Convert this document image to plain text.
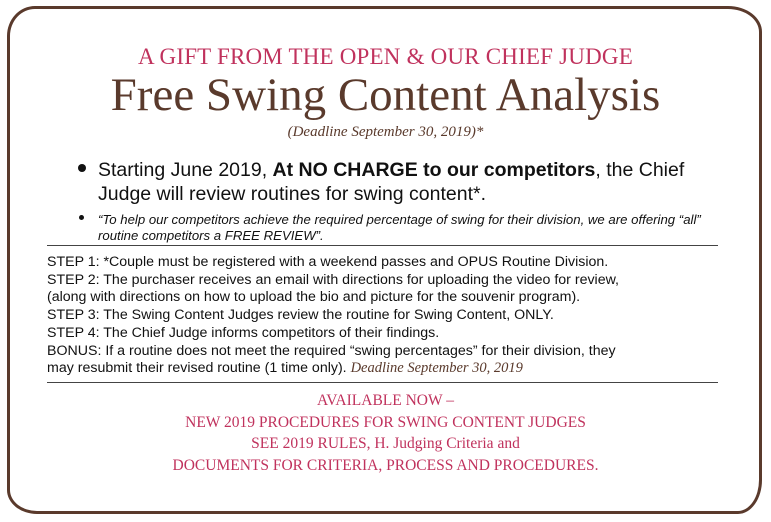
A GIFT FROM THE OPEN & OUR CHIEF JUDGE
Free Swing Content Analysis
(Deadline September 30, 2019)*
Starting June 2019, At NO CHARGE to our competitors, the Chief Judge will review routines for swing content*.
“To help our competitors achieve the required percentage of swing for their division, we are offering “all” routine competitors a FREE REVIEW”.
STEP 1: *Couple must be registered with a weekend passes and OPUS Routine Division.
STEP 2: The purchaser receives an email with directions for uploading the video for review,
(along with directions on how to upload the bio and picture for the souvenir program).
STEP 3: The Swing Content Judges review the routine for Swing Content, ONLY.
STEP 4: The Chief Judge informs competitors of their findings.
BONUS: If a routine does not meet the required “swing percentages” for their division, they
may resubmit their revised routine (1 time only). Deadline September 30, 2019
AVAILABLE NOW –
NEW 2019 PROCEDURES FOR SWING CONTENT JUDGES
SEE 2019 RULES, H. Judging Criteria and
DOCUMENTS FOR CRITERIA, PROCESS AND PROCEDURES.
